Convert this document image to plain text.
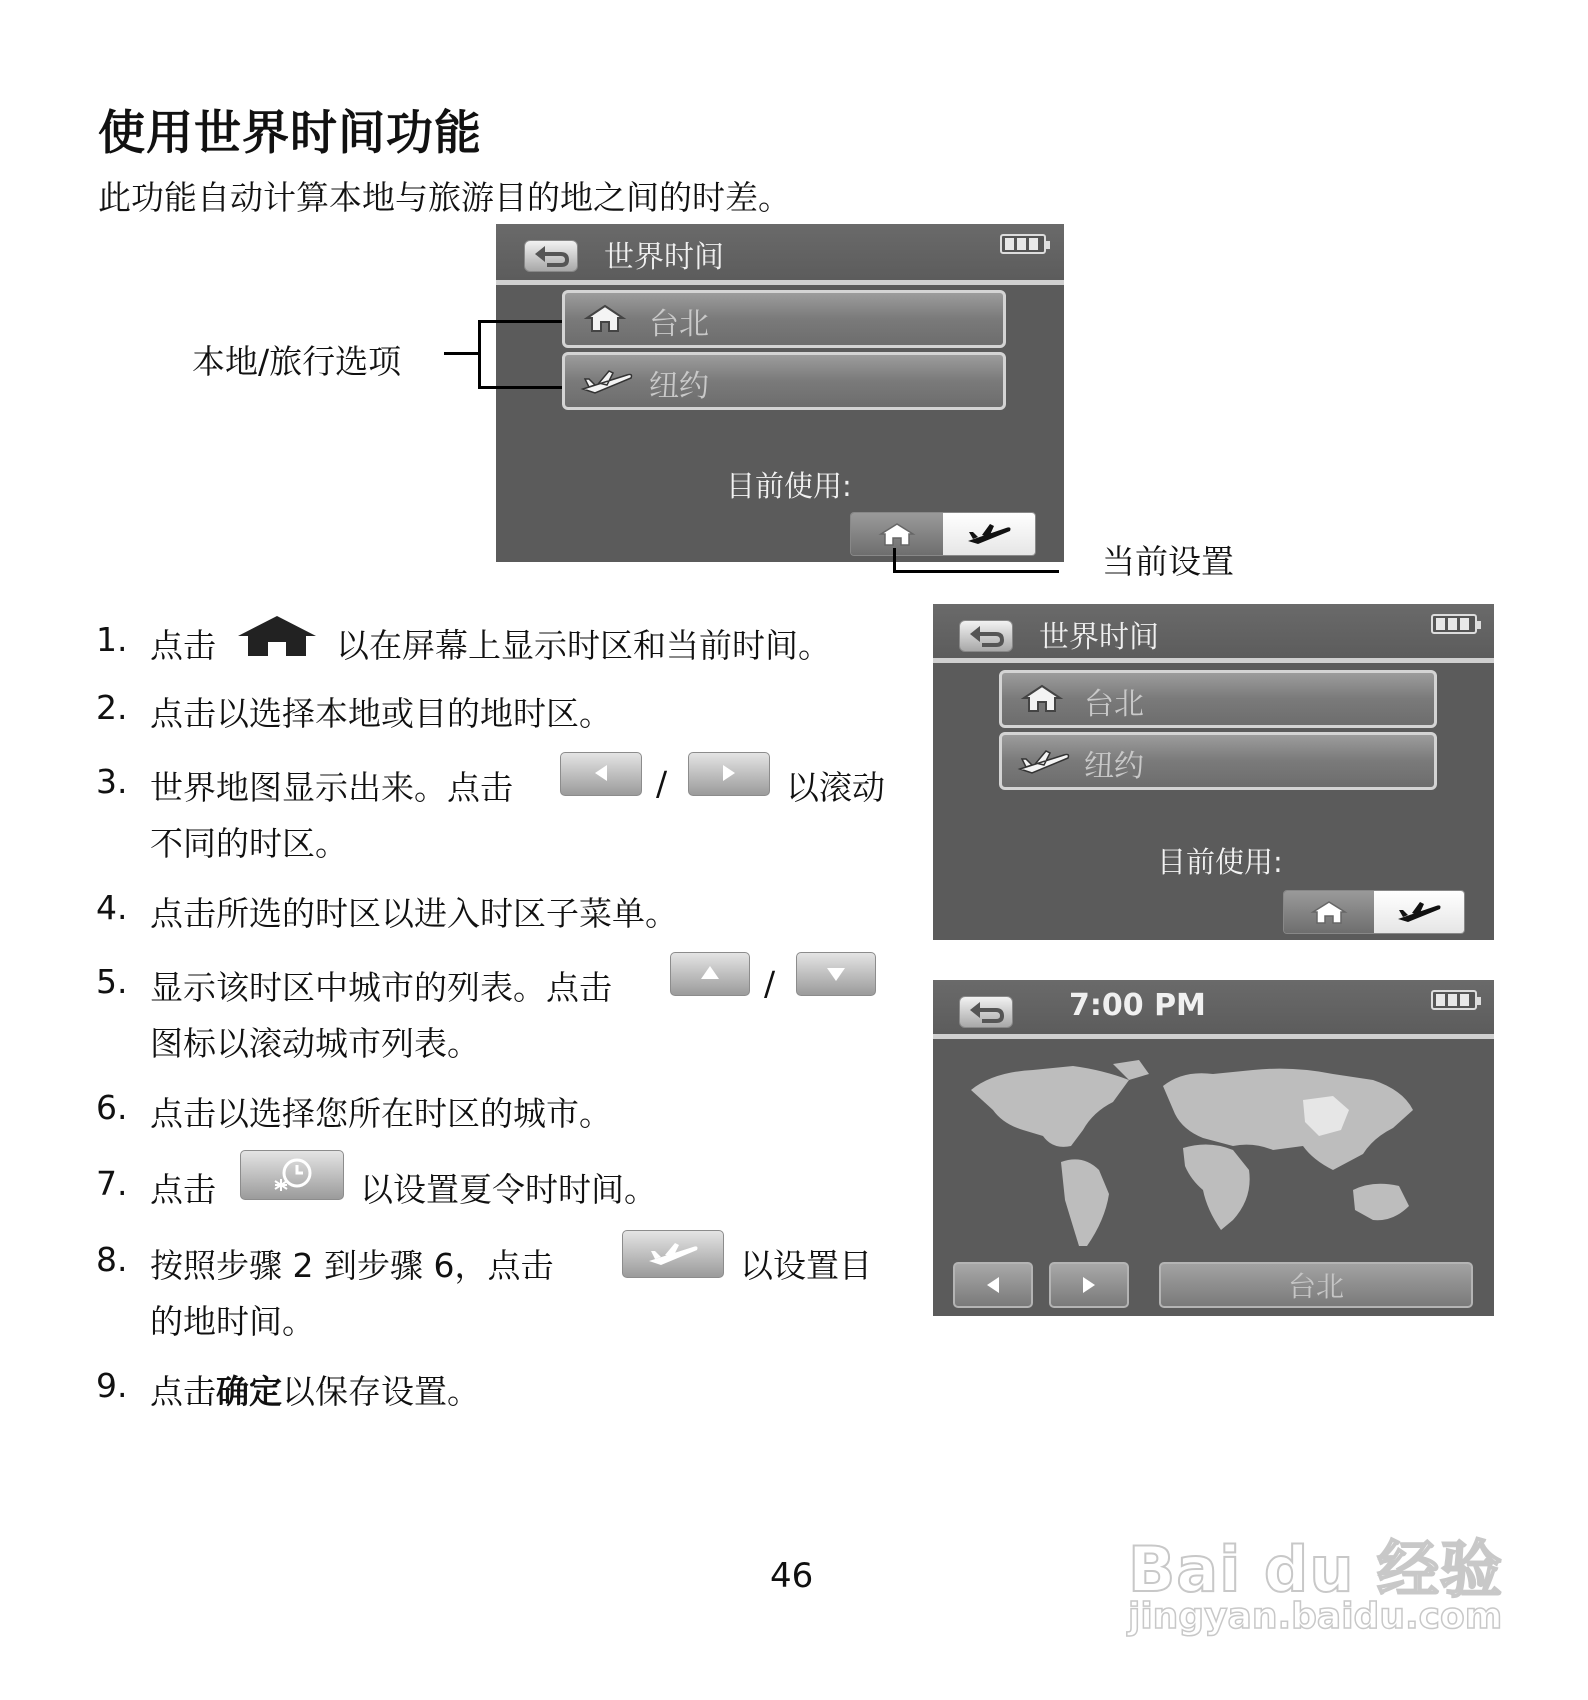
使用世界时间功能
此功能自动计算本地与旅游目的地之间的时差。
世界时间
台北
纽约
目前使用:
本地/旅行选项
当前设置
1. 点击	以在屏幕上显示时区和当前时间。
2. 点击以选择本地或目的地时区。
3. 世界地图显示出来。点击	/	以滚动
不同的时区。
4. 点击所选的时区以进入时区子菜单。
5. 显示该时区中城市的列表。点击	/
图标以滚动城市列表。
6. 点击以选择您所在时区的城市。
7. 点击	以设置夏令时时间。
8. 按照步骤 2 到步骤 6，点击	以设置目
的地时间。
9. 点击确定以保存设置。
世界时间
台北
纽约
目前使用:
7:00 PM
台北
46	Bai du 经验
jingyan.baidu.com
